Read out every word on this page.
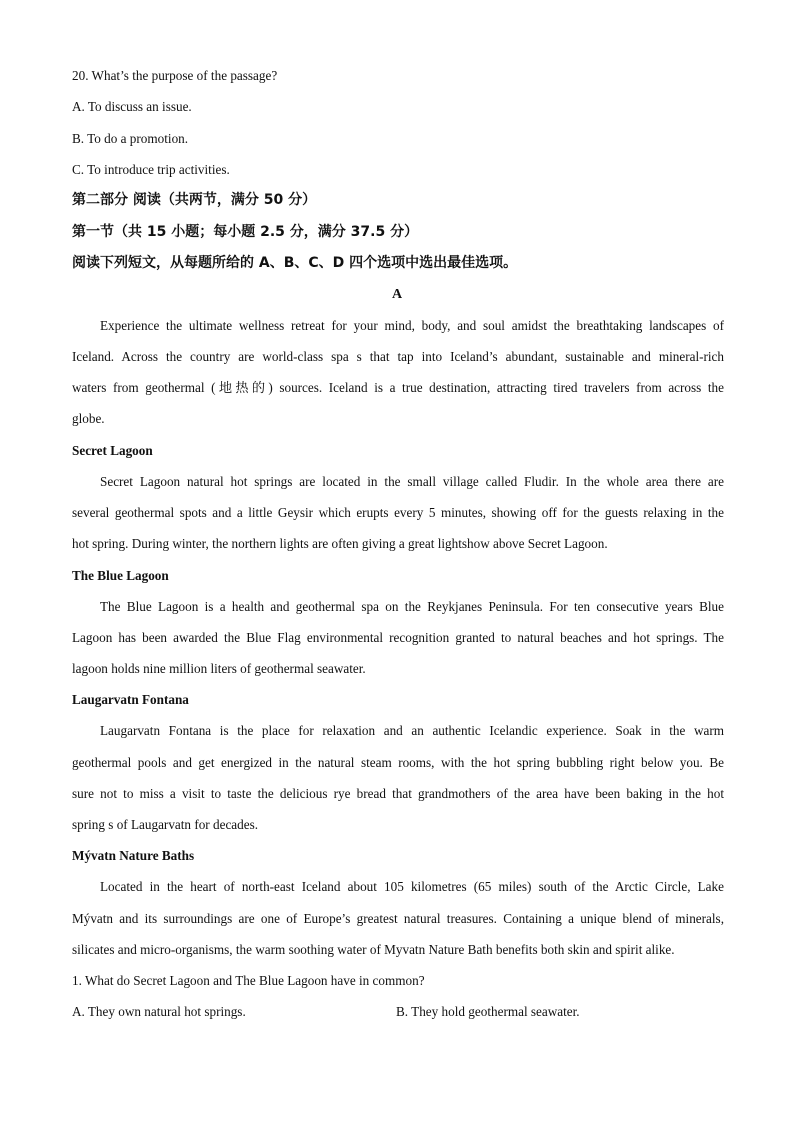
20. What’s the purpose of the passage?
A. To discuss an issue.
B. To do a promotion.
C. To introduce trip activities.
第二部分 阅读（共两节，满分 50 分）
第一节（共 15 小题；每小题 2.5 分，满分 37.5 分）
阅读下列短文，从每题所给的 A、B、C、D 四个选项中选出最佳选项。
A
Experience the ultimate wellness retreat for your mind, body, and soul amidst the breathtaking landscapes of
Iceland. Across the country are world-class spa s that tap into Iceland’s abundant, sustainable and mineral-rich
waters from geothermal (地热的) sources. Iceland is a true destination, attracting tired travelers from across the
globe.
Secret Lagoon
Secret Lagoon natural hot springs are located in the small village called Fludir. In the whole area there are
several geothermal spots and a little Geysir which erupts every 5 minutes, showing off for the guests relaxing in the
hot spring. During winter, the northern lights are often giving a great lightshow above Secret Lagoon.
The Blue Lagoon
The Blue Lagoon is a health and geothermal spa on the Reykjanes Peninsula. For ten consecutive years Blue
Lagoon has been awarded the Blue Flag environmental recognition granted to natural beaches and hot springs. The
lagoon holds nine million liters of geothermal seawater.
Laugarvatn Fontana
Laugarvatn Fontana is the place for relaxation and an authentic Icelandic experience. Soak in the warm
geothermal pools and get energized in the natural steam rooms, with the hot spring bubbling right below you. Be
sure not to miss a visit to taste the delicious rye bread that grandmothers of the area have been baking in the hot
spring s of Laugarvatn for decades.
Mývatn Nature Baths
Located in the heart of north-east Iceland about 105 kilometres (65 miles) south of the Arctic Circle, Lake
Mývatn and its surroundings are one of Europe’s greatest natural treasures. Containing a unique blend of minerals,
silicates and micro-organisms, the warm soothing water of Myvatn Nature Bath benefits both skin and spirit alike.
1. What do Secret Lagoon and The Blue Lagoon have in common?
A. They own natural hot springs.	B. They hold geothermal seawater.
